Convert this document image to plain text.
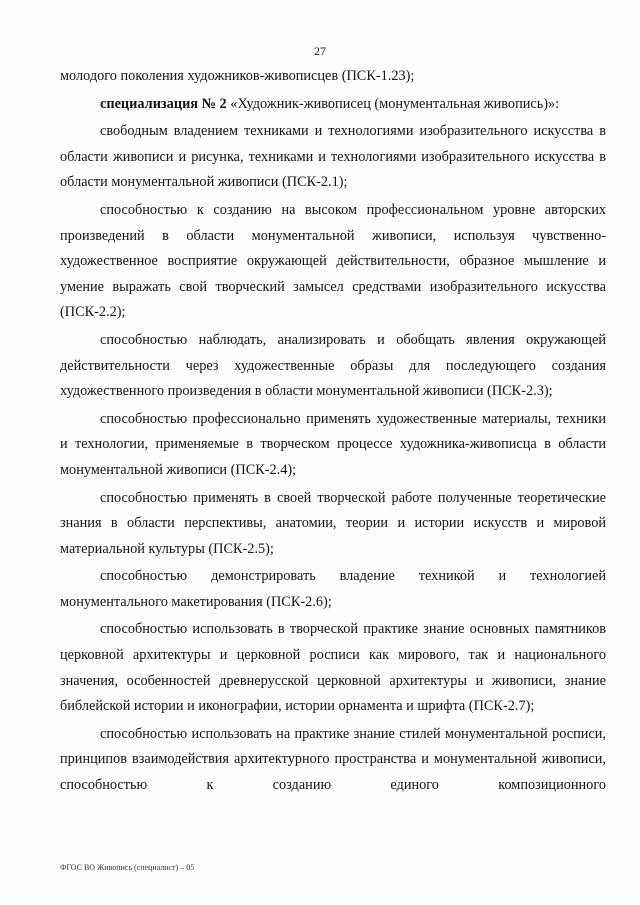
27

молодого поколения художников-живописцев (ПСК-1.23);

специализация № 2 «Художник-живописец (монументальная живопись)»:

свободным владением техниками и технологиями изобразительного искусства в области живописи и рисунка, техниками и технологиями изобразительного искусства в области монументальной живописи (ПСК-2.1);

способностью к созданию на высоком профессиональном уровне авторских произведений в области монументальной живописи, используя чувственно-художественное восприятие окружающей действительности, образное мышление и умение выражать свой творческий замысел средствами изобразительного искусства (ПСК-2.2);

способностью наблюдать, анализировать и обобщать явления окружающей действительности через художественные образы для последующего создания художественного произведения в области монументальной живописи (ПСК-2.3);

способностью профессионально применять художественные материалы, техники и технологии, применяемые в творческом процессе художника-живописца в области монументальной живописи (ПСК-2.4);

способностью применять в своей творческой работе полученные теоретические знания в области перспективы, анатомии, теории и истории искусств и мировой материальной культуры (ПСК-2.5);

способностью демонстрировать владение техникой и технологией монументального макетирования (ПСК-2.6);

способностью использовать в творческой практике знание основных памятников церковной архитектуры и церковной росписи как мирового, так и национального значения, особенностей древнерусской церковной архитектуры и живописи, знание библейской истории и иконографии, истории орнамента и шрифта (ПСК-2.7);

способностью использовать на практике знание стилей монументальной росписи, принципов взаимодействия архитектурного пространства и монументальной живописи, способностью к созданию единого композиционного

ФГОС ВО Живопись (специалист) – 05
